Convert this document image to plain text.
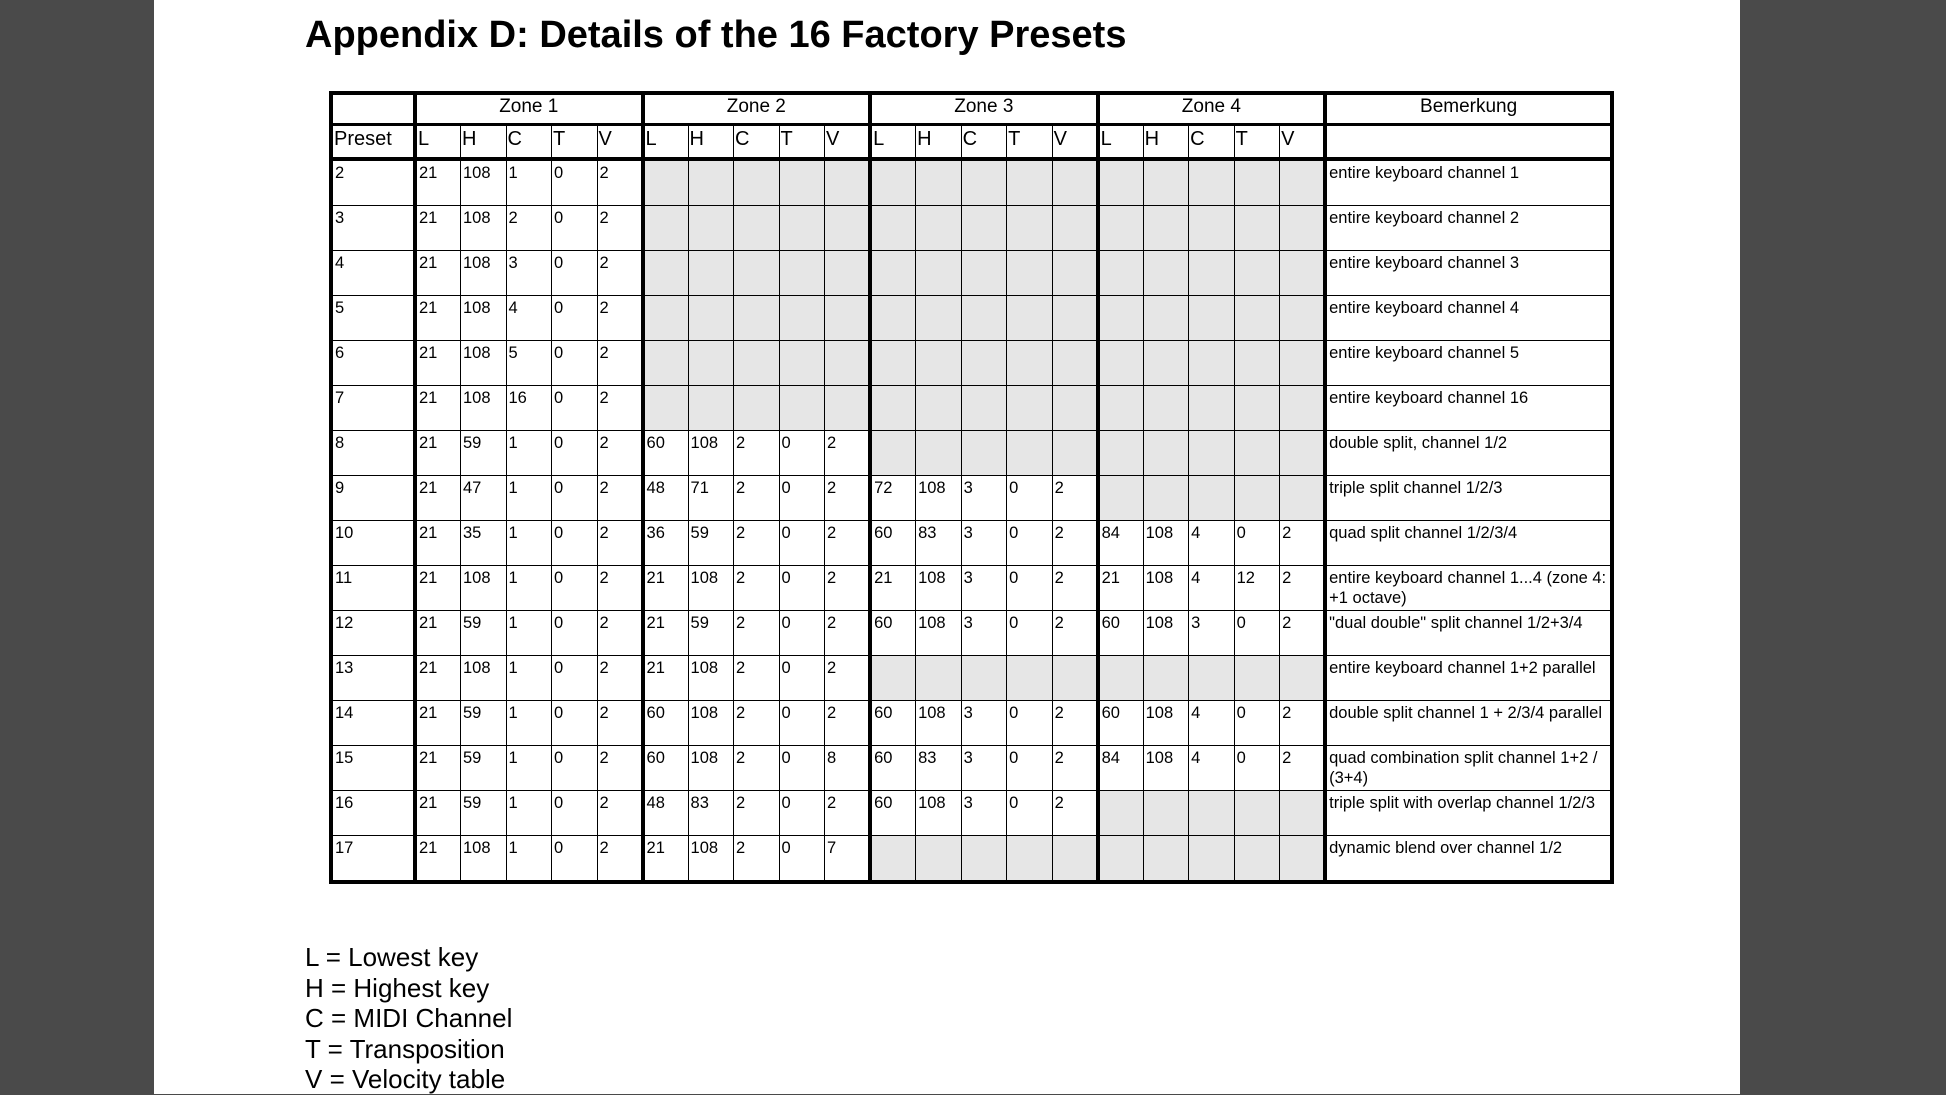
Appendix D: Details of the 16 Factory Presets
	Zone 1					Zone 2					Zone 3					Zone 4					Bemerkung
Preset	L	H	C	T	V	L	H	C	T	V	L	H	C	T	V	L	H	C	T	V	
2	21	108	1	0	2																entire keyboard channel 1
3	21	108	2	0	2																entire keyboard channel 2
4	21	108	3	0	2																entire keyboard channel 3
5	21	108	4	0	2																entire keyboard channel 4
6	21	108	5	0	2																entire keyboard channel 5
7	21	108	16	0	2																entire keyboard channel 16
8	21	59	1	0	2	60	108	2	0	2											double split, channel 1/2
9	21	47	1	0	2	48	71	2	0	2	72	108	3	0	2						triple split channel 1/2/3
10	21	35	1	0	2	36	59	2	0	2	60	83	3	0	2	84	108	4	0	2	quad split channel 1/2/3/4
11	21	108	1	0	2	21	108	2	0	2	21	108	3	0	2	21	108	4	12	2	entire keyboard channel 1...4 (zone 4: +1 octave)
12	21	59	1	0	2	21	59	2	0	2	60	108	3	0	2	60	108	3	0	2	"dual double" split channel 1/2+3/4
13	21	108	1	0	2	21	108	2	0	2											entire keyboard channel 1+2 parallel
14	21	59	1	0	2	60	108	2	0	2	60	108	3	0	2	60	108	4	0	2	double split channel 1 + 2/3/4 parallel
15	21	59	1	0	2	60	108	2	0	8	60	83	3	0	2	84	108	4	0	2	quad combination split channel 1+2 / (3+4)
16	21	59	1	0	2	48	83	2	0	2	60	108	3	0	2						triple split with overlap channel 1/2/3
17	21	108	1	0	2	21	108	2	0	7											dynamic blend over channel 1/2
L = Lowest key
H = Highest key
C = MIDI Channel
T = Transposition
V = Velocity table
